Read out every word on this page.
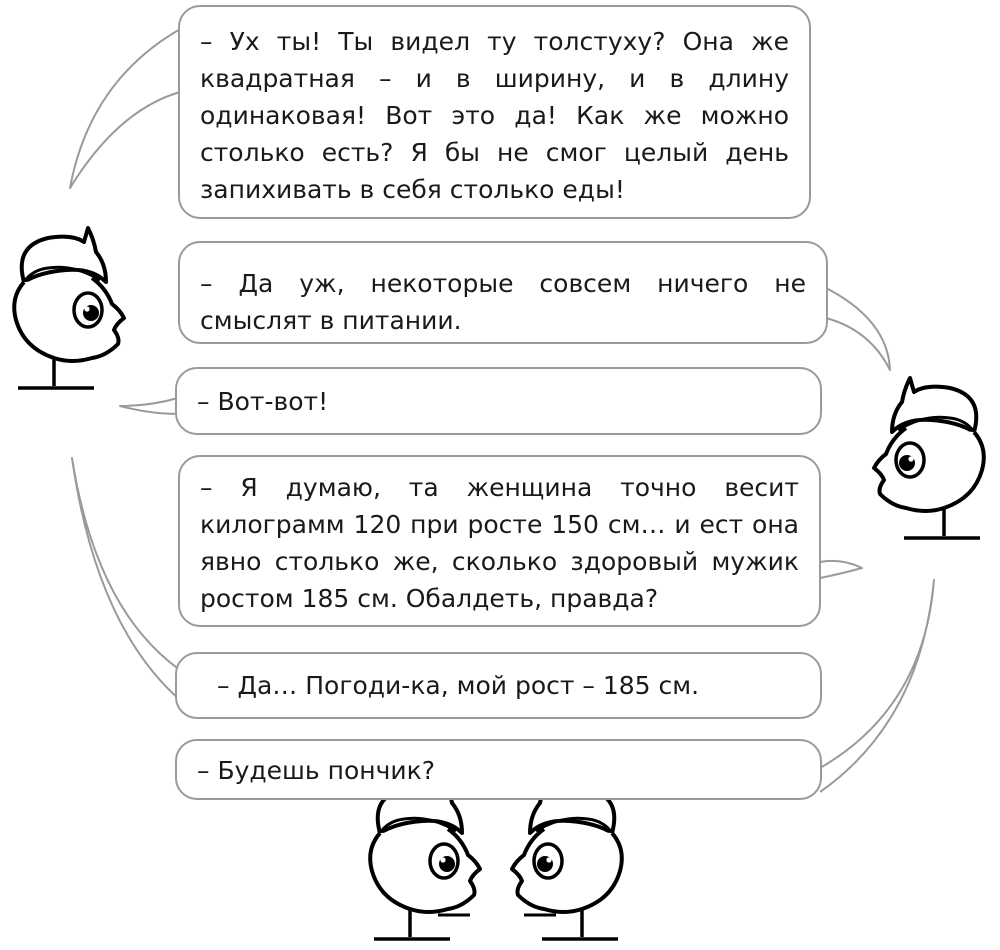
– Ух ты! Ты видел ту толстуху? Она же квадратная – и в ширину, и в длину одинаковая! Вот это да! Как же можно столько есть? Я бы не смог целый день запихивать в себя столько еды!
– Да уж, некоторые совсем ничего не смыслят в питании.
– Вот-вот!
– Я думаю, та женщина точно весит килограмм 120 при росте 150 см… и ест она явно столько же, сколько здоровый мужик ростом 185 см. Обалдеть, правда?
– Да… Погоди-ка, мой рост – 185 см.
– Будешь пончик?
